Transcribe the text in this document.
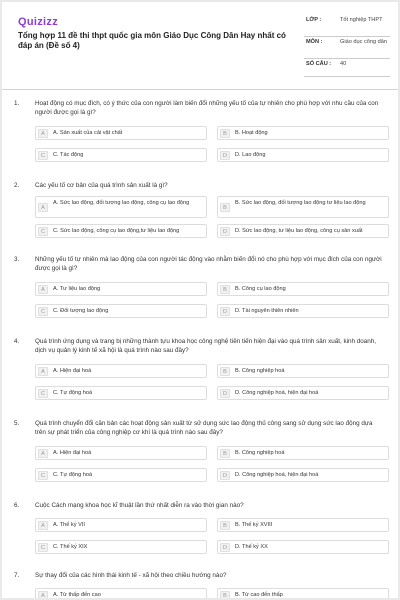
Quizizz
Tổng hợp 11 đề thi thpt quốc gia môn Giáo Dục Công Dân Hay nhất có đáp án (Đề số 4)
LỚP :	Tốt nghiệp THPT
MÔN :	Giáo dục công dân
SỐ CÂU : 40
1. Hoạt động có mục đích, có ý thức của con người làm biến đổi những yếu tố của tự nhiên cho phù hợp với nhu cầu của con người được gọi là gì?
A	A. Sản xuất của cải vật chất	B	B. Hoạt động
C	C. Tác động	D	D. Lao động
2. Các yếu tố cơ bản của quá trình sản xuất là gì?
A
A. Sức lao động, đối tượng lao động, công cụ lao động
B
B. Sức lao động, đối tượng lao động tư liệu lao động
C	C. Sức lao động, công cụ lao động,tư liệu lao động	D	D. Sức lao động, tư liệu lao động, công cụ sản xuất
3. Những yếu tố tự nhiên mà lao động của con người tác động vào nhằm biến đổi nó cho phù hợp với mục đích của con người được gọi là gì?
A	A. Tư liệu lao động	B	B. Công cụ lao động
C	C. Đối tượng lao động	D	D. Tài nguyên thiên nhiên
4. Quá trình ứng dụng và trang bị những thành tựu khoa học công nghệ tiên tiến hiện đại vào quá trình sản xuất, kinh doanh, dịch vụ quản lý kinh tế xã hội là quá trình nào sau đây?
A	A. Hiện đại hoá	B	B. Công nghiệp hoá
C	C. Tự động hoá	D	D. Công nghiệp hoá, hiện đại hoá
5. Quá trình chuyển đổi căn bản các hoạt động sản xuất từ sử dụng sức lao động thủ công sang sử dụng sức lao động dựa trên sự phát triển của công nghiệp cơ khí là quá trình nào sau đây?
A	A. Hiện đại hoá	B	B. Công nghiệp hoá
C	C. Tự động hoá	D	D. Công nghiệp hoá, hiện đại hoá
6. Cuộc Cách mạng khoa học kĩ thuật lần thứ nhất diễn ra vào thời gian nào?
A	A. Thế kỷ VII	B	B. Thế kỷ XVIII
C	C. Thế kỷ XIX	D	D. Thế kỷ XX
7. Sự thay đổi của các hình thái kinh tế - xã hội theo chiều hướng nào?
A	A. Từ thấp đến cao	B	B. Từ cao đến thấp
